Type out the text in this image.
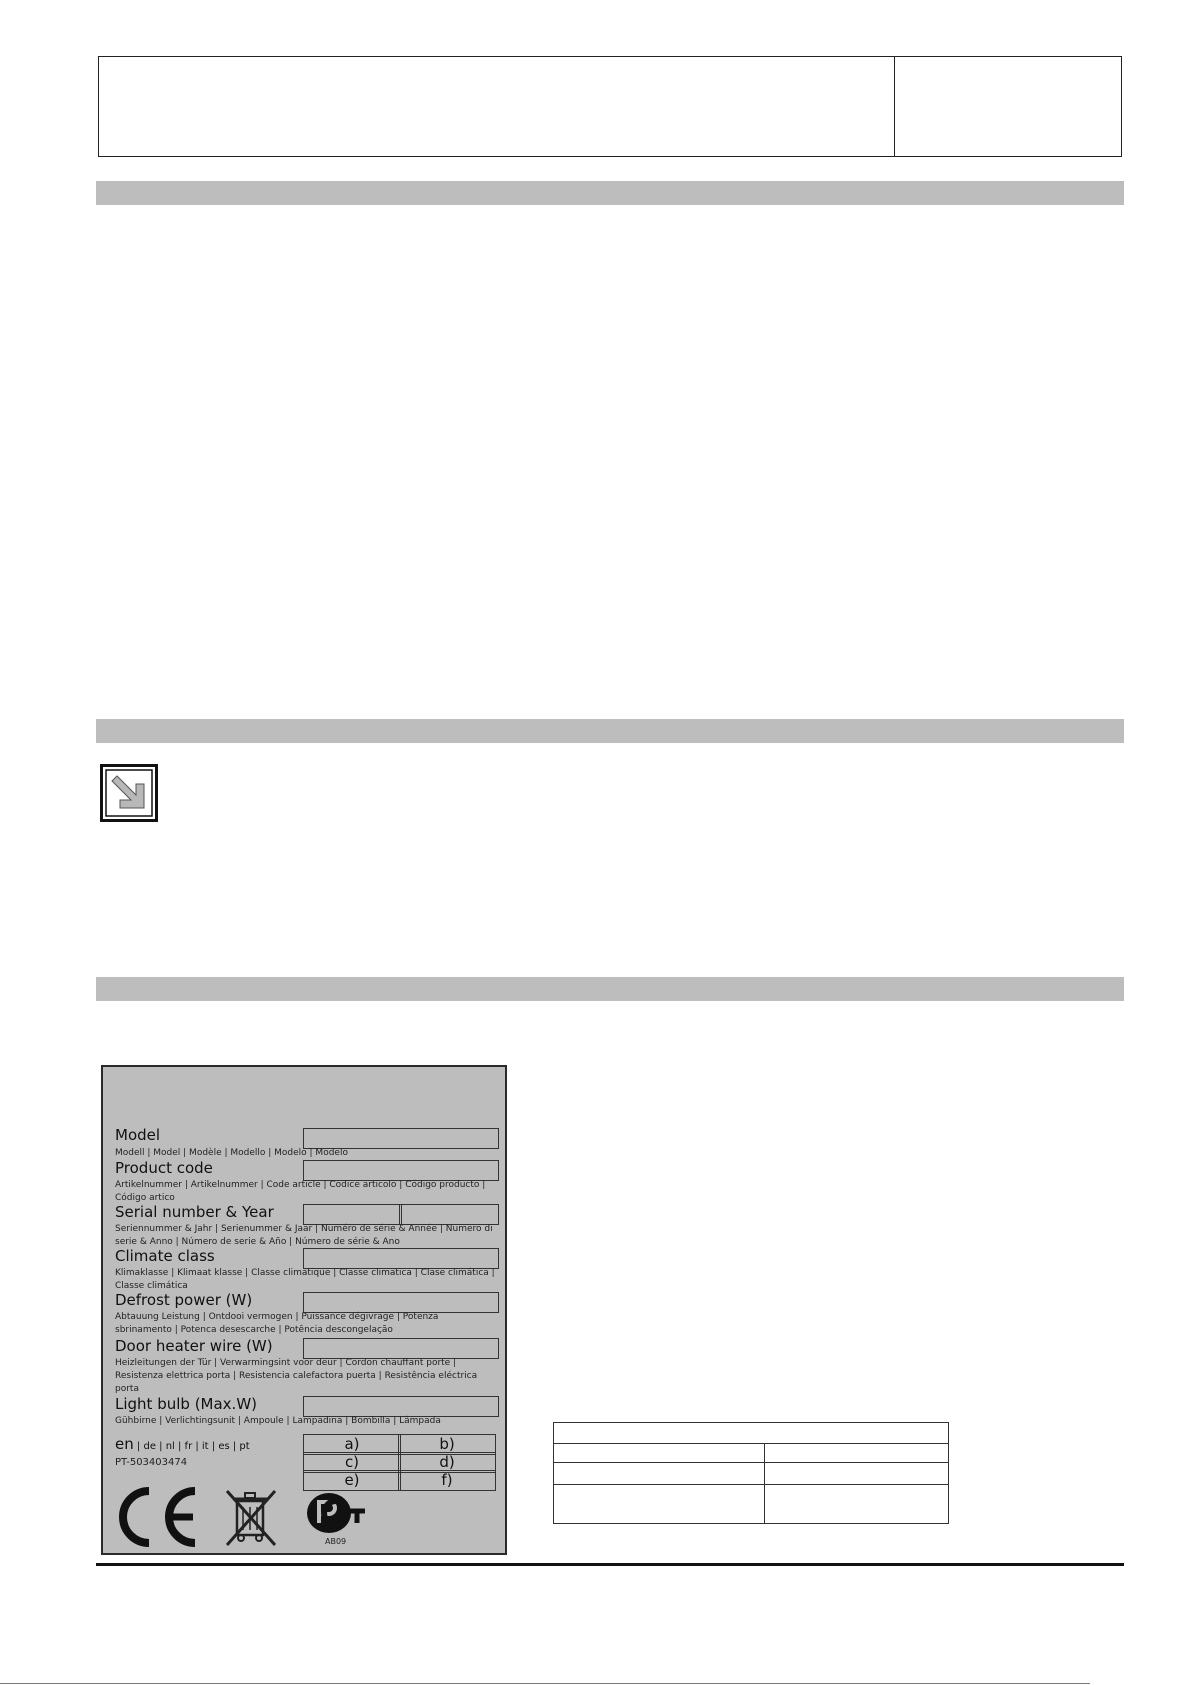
Model
Modell | Model | Modèle | Modello | Modelo | Modelo
Product code
Artikelnummer | Artikelnummer | Code article | Codice articolo | Código producto | Código artico
Serial number & Year
Seriennummer & Jahr | Serienummer & Jaar | Numéro de série & Année | Numero di serie & Anno | Número de serie & Año | Número de série & Ano
Climate class
Klimaklasse | Klimaat klasse | Classe climatique | Classe climatica | Clase climática | Classe climática
Defrost power (W)
Abtauung Leistung | Ontdooi vermogen | Puissance dégivrage | Potenza sbrinamento | Potenca desescarche | Potência descongelação
Door heater wire (W)
Heizleitungen der Tür | Verwarmingsint voor deur | Cordon chauffant porte | Resistenza elettrica porta | Resistencia calefactora puerta | Resistência eléctrica porta
Light bulb (Max.W)
Gühbirne | Verlichtingsunit | Ampoule | Lampadina | Bombilla | Lâmpada
en | de | nl | fr | it | es | pt
PT-503403474
a)	b)
c)	d)
e)	f)
AB09
